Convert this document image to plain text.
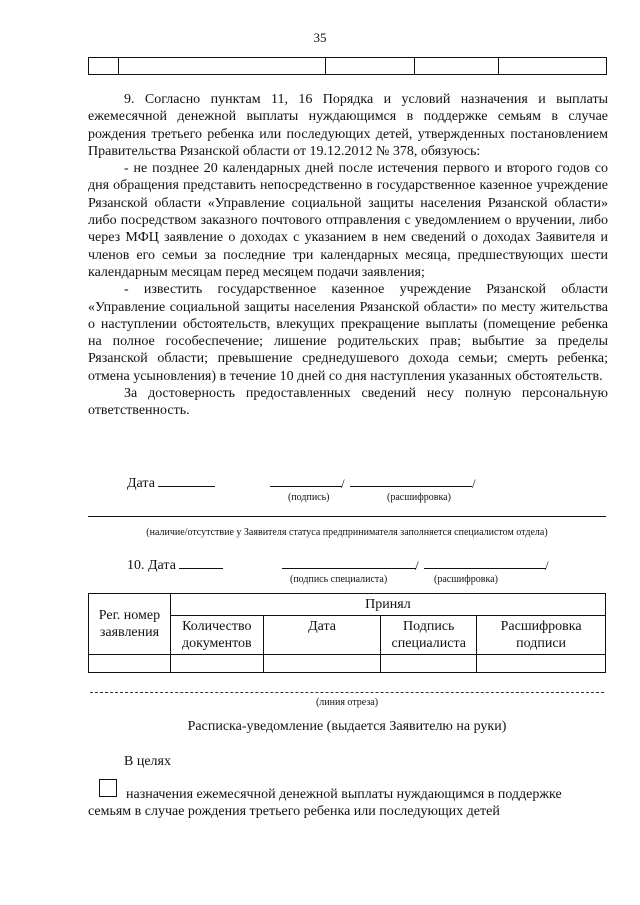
35

9. Согласно пунктам 11, 16 Порядка и условий назначения и выплаты ежемесячной денежной выплаты нуждающимся в поддержке семьям в случае рождения третьего ребенка или последующих детей, утвержденных постановлением Правительства Рязанской области от 19.12.2012 № 378, обязуюсь:

- не позднее 20 календарных дней после истечения первого и второго годов со дня обращения представить непосредственно в государственное казенное учреждение Рязанской области «Управление социальной защиты населения Рязанской области» либо посредством заказного почтового отправления с уведомлением о вручении, либо через МФЦ заявление о доходах с указанием в нем сведений о доходах Заявителя и членов его семьи за последние три календарных месяца, предшествующих шести календарным месяцам перед месяцем подачи заявления;

- известить государственное казенное учреждение Рязанской области «Управление социальной защиты населения Рязанской области» по месту жительства о наступлении обстоятельств, влекущих прекращение выплаты (помещение ребенка на полное гособеспечение; лишение родительских прав; выбытие за пределы Рязанской области; превышение среднедушевого дохода семьи; смерть ребенка; отмена усыновления) в течение 10 дней со дня наступления указанных обстоятельств.

За достоверность предоставленных сведений несу полную персональную ответственность.

Дата	/	/
(подпись)	(расшифровка)
(наличие/отсутствие у Заявителя статуса предпринимателя заполняется специалистом отдела)
10. Дата	/	/
(подпись специалиста)	(расшифровка)
Рег. номер заявления	Принял			
	Количество документов	Дата	Подпись специалиста	Расшифровка подписи

(линия отреза)
Расписка-уведомление (выдается Заявителю на руки)
В целях
назначения ежемесячной денежной выплаты нуждающимся в поддержке семьям в случае рождения третьего ребенка или последующих детей
